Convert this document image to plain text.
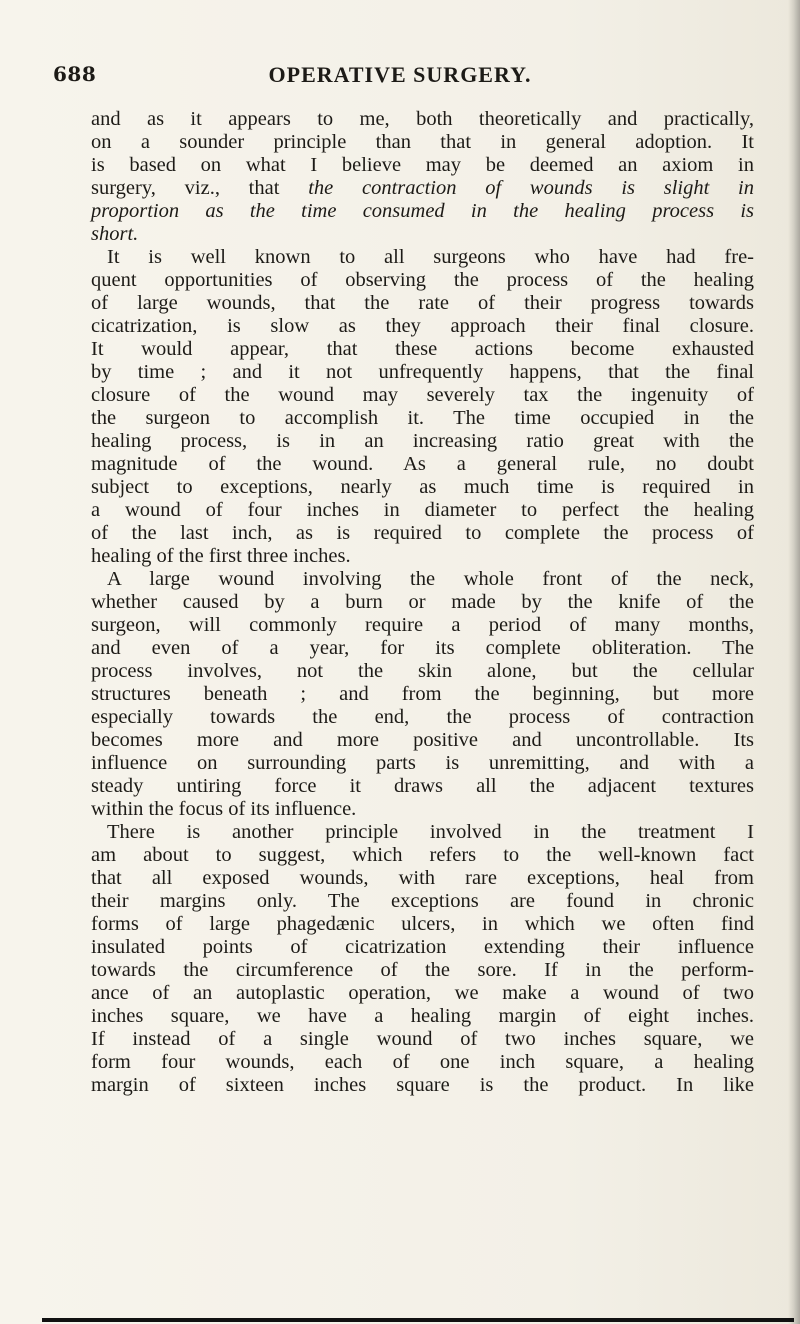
688	OPERATIVE SURGERY.
and as it appears to me, both theoretically and practically,
on a sounder principle than that in general adoption. It
is based on what I believe may be deemed an axiom in
surgery, viz., that the contraction of wounds is slight in
proportion as the time consumed in the healing process is
short.
It is well known to all surgeons who have had fre-
quent opportunities of observing the process of the healing
of large wounds, that the rate of their progress towards
cicatrization, is slow as they approach their final closure.
It would appear, that these actions become exhausted
by time ; and it not unfrequently happens, that the final
closure of the wound may severely tax the ingenuity of
the surgeon to accomplish it. The time occupied in the
healing process, is in an increasing ratio great with the
magnitude of the wound. As a general rule, no doubt
subject to exceptions, nearly as much time is required in
a wound of four inches in diameter to perfect the healing
of the last inch, as is required to complete the process of
healing of the first three inches.
A large wound involving the whole front of the neck,
whether caused by a burn or made by the knife of the
surgeon, will commonly require a period of many months,
and even of a year, for its complete obliteration. The
process involves, not the skin alone, but the cellular
structures beneath ; and from the beginning, but more
especially towards the end, the process of contraction
becomes more and more positive and uncontrollable. Its
influence on surrounding parts is unremitting, and with a
steady untiring force it draws all the adjacent textures
within the focus of its influence.
There is another principle involved in the treatment I
am about to suggest, which refers to the well-known fact
that all exposed wounds, with rare exceptions, heal from
their margins only. The exceptions are found in chronic
forms of large phagedænic ulcers, in which we often find
insulated points of cicatrization extending their influence
towards the circumference of the sore. If in the perform-
ance of an autoplastic operation, we make a wound of two
inches square, we have a healing margin of eight inches.
If instead of a single wound of two inches square, we
form four wounds, each of one inch square, a healing
margin of sixteen inches square is the product. In like
